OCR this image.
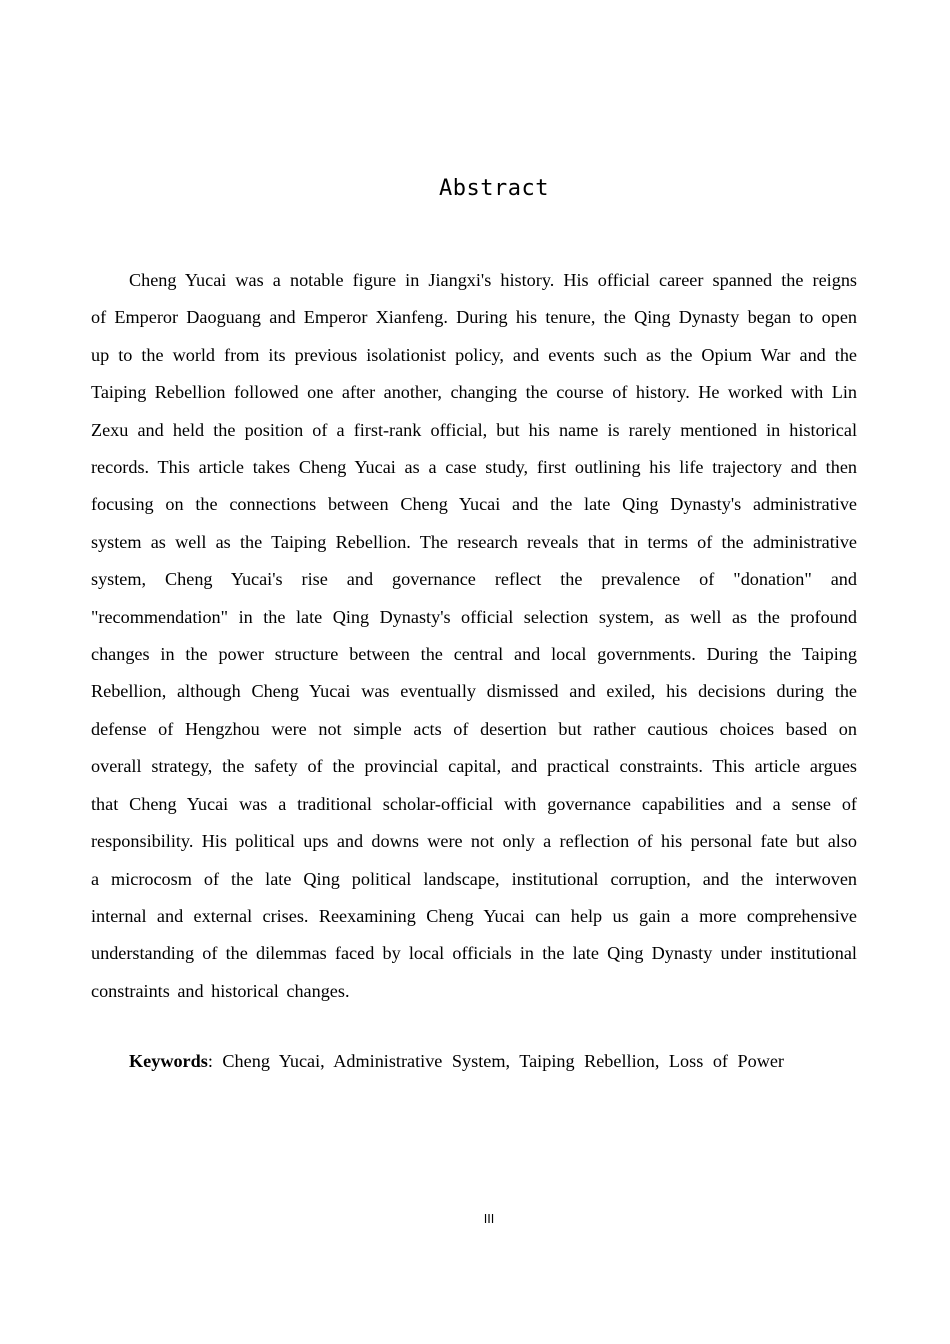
Abstract

Cheng Yucai was a notable figure in Jiangxi's history. His official career spanned the reigns of Emperor Daoguang and Emperor Xianfeng. During his tenure, the Qing Dynasty began to open up to the world from its previous isolationist policy, and events such as the Opium War and the Taiping Rebellion followed one after another, changing the course of history. He worked with Lin Zexu and held the position of a first-rank official, but his name is rarely mentioned in historical records. This article takes Cheng Yucai as a case study, first outlining his life trajectory and then focusing on the connections between Cheng Yucai and the late Qing Dynasty's administrative system as well as the Taiping Rebellion. The research reveals that in terms of the administrative system, Cheng Yucai's rise and governance reflect the prevalence of "donation" and "recommendation" in the late Qing Dynasty's official selection system, as well as the profound changes in the power structure between the central and local governments. During the Taiping Rebellion, although Cheng Yucai was eventually dismissed and exiled, his decisions during the defense of Hengzhou were not simple acts of desertion but rather cautious choices based on overall strategy, the safety of the provincial capital, and practical constraints. This article argues that Cheng Yucai was a traditional scholar-official with governance capabilities and a sense of responsibility. His political ups and downs were not only a reflection of his personal fate but also a microcosm of the late Qing political landscape, institutional corruption, and the interwoven internal and external crises. Reexamining Cheng Yucai can help us gain a more comprehensive understanding of the dilemmas faced by local officials in the late Qing Dynasty under institutional constraints and historical changes.

Keywords: Cheng Yucai, Administrative System, Taiping Rebellion, Loss of Power

III
